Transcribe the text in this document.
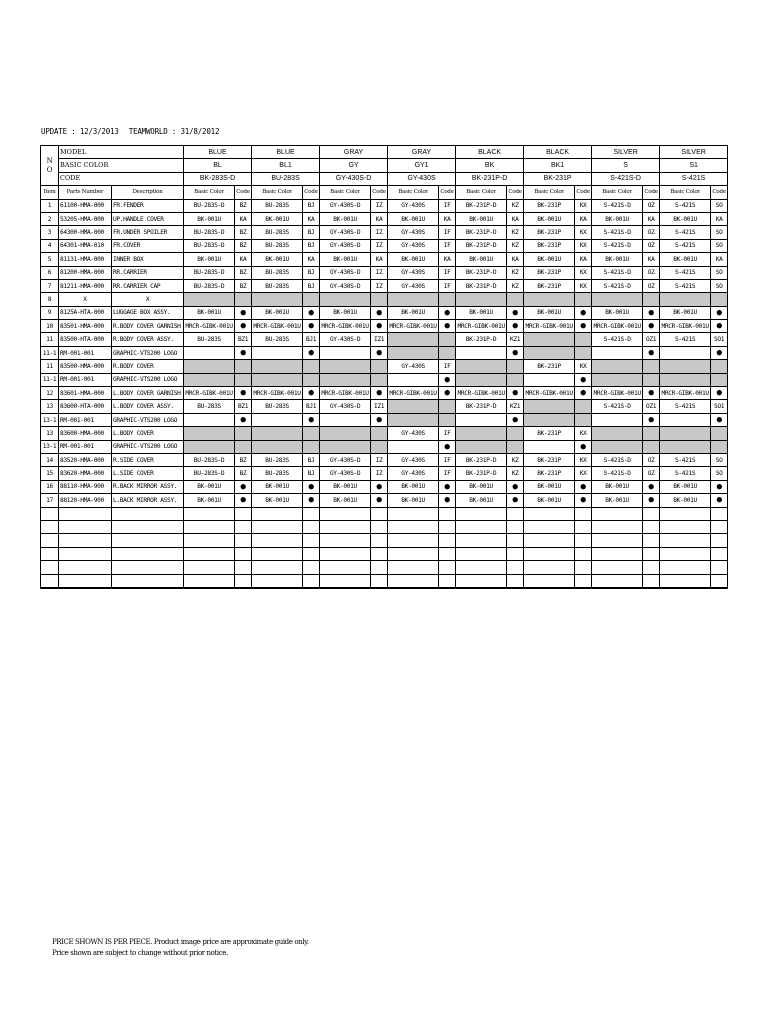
UPDATE : 12/3/2013 TEAMWORLD : 31/8/2012
N
O	MODEL		BLUE		BLUE		GRAY		GRAY		BLACK		BLACK		SILVER		SILVER	
	BASIC COLOR		BL		BL1		GY		GY1		BK		BK1		S		S1	
	CODE		BK-283S-D		BU-283S		GY-430S-D		GY-430S		BK-231P-D		BK-231P		S-421S-D		S-421S	
Item	Parts Number	Description	Basic Color	Code	Basic Color	Code	Basic Color	Code	Basic Color	Code	Basic Color	Code	Basic Color	Code	Basic Color	Code	Basic Color	Code
1	61100-HMA-000	FR.FENDER	BU-283S-D	BZ	BU-283S	BJ	GY-430S-D	IZ	GY-430S	IF	BK-231P-D	KZ	BK-231P	KX	S-421S-D	OZ	S-421S	SO
2	53205-HMA-000	UP.HANDLE COVER	BK-001U	KA	BK-001U	KA	BK-001U	KA	BK-001U	KA	BK-001U	KA	BK-001U	KA	BK-001U	KA	BK-001U	KA
3	64300-HMA-000	FR.UNDER SPOILER	BU-283S-D	BZ	BU-283S	BJ	GY-430S-D	IZ	GY-430S	IF	BK-231P-D	KZ	BK-231P	KX	S-421S-D	OZ	S-421S	SO
4	64301-HMA-010	FR.COVER	BU-283S-D	BZ	BU-283S	BJ	GY-430S-D	IZ	GY-430S	IF	BK-231P-D	KZ	BK-231P	KX	S-421S-D	OZ	S-421S	SO
5	81131-HMA-000	INNER BOX	BK-001U	KA	BK-001U	KA	BK-001U	KA	BK-001U	KA	BK-001U	KA	BK-001U	KA	BK-001U	KA	BK-001U	KA
6	81200-HMA-000	RR.CARRIER	BU-283S-D	BZ	BU-283S	BJ	GY-430S-D	IZ	GY-430S	IF	BK-231P-D	KZ	BK-231P	KX	S-421S-D	OZ	S-421S	SO
7	81211-HMA-000	RR.CARRIER CAP	BU-283S-D	BZ	BU-283S	BJ	GY-430S-D	IZ	GY-430S	IF	BK-231P-D	KZ	BK-231P	KX	S-421S-D	OZ	S-421S	SO
8	X	X																
9	8125A-HTA-000	LUGGAGE BOX ASSY.	BK-001U	●	BK-001U	●	BK-001U	●	BK-001U	●	BK-001U	●	BK-001U	●	BK-001U	●	BK-001U	●
10	83501-HMA-000	R.BODY COVER GARNISH	MRCR-GIBK-001U	●	MRCR-GIBK-001U	●	MRCR-GIBK-001U	●	MRCR-GIBK-001U	●	MRCR-GIBK-001U	●	MRCR-GIBK-001U	●	MRCR-GIBK-001U	●	MRCR-GIBK-001U	●
11	83500-HTA-000	R.BODY COVER ASSY.	BU-283S	BZ1	BU-283S	BJ1	GY-430S-D	IZ1			BK-231P-D	KZ1			S-421S-D	OZ1	S-421S	SO1
11-1	RM-001-001	GRAPHIC-VTS200 LOGO		●		●		●				●				●		●
11	83500-HMA-000	R.BODY COVER							GY-430S	IF			BK-231P	KX				
11-1	RM-001-001	GRAPHIC-VTS200 LOGO								●				●				
12	83601-HMA-000	L.BODY COVER GARNISH	MRCR-GIBK-001U	●	MRCR-GIBK-001U	●	MRCR-GIBK-001U	●	MRCR-GIBK-001U	●	MRCR-GIBK-001U	●	MRCR-GIBK-001U	●	MRCR-GIBK-001U	●	MRCR-GIBK-001U	●
13	83600-HTA-000	L.BODY COVER ASSY.	BU-283S	BZ1	BU-283S	BJ1	GY-430S-D	IZ1			BK-231P-D	KZ1			S-421S-D	OZ1	S-421S	SO1
13-1	RM-001-001	GRAPHIC-VTS200 LOGO		●		●		●				●				●		●
13	83600-HMA-000	L.BODY COVER							GY-430S	IF			BK-231P	KX				
13-1	RM-001-001	GRAPHIC-VTS200 LOGO								●				●				
14	83520-HMA-000	R.SIDE COVER	BU-283S-D	BZ	BU-283S	BJ	GY-430S-D	IZ	GY-430S	IF	BK-231P-D	KZ	BK-231P	KX	S-421S-D	OZ	S-421S	SO
15	83620-HMA-000	L.SIDE COVER	BU-283S-D	BZ	BU-283S	BJ	GY-430S-D	IZ	GY-430S	IF	BK-231P-D	KZ	BK-231P	KX	S-421S-D	OZ	S-421S	SO
16	88110-HMA-900	R.BACK MIRROR ASSY.	BK-001U	●	BK-001U	●	BK-001U	●	BK-001U	●	BK-001U	●	BK-001U	●	BK-001U	●	BK-001U	●
17	88120-HMA-900	L.BACK MIRROR ASSY.	BK-001U	●	BK-001U	●	BK-001U	●	BK-001U	●	BK-001U	●	BK-001U	●	BK-001U	●	BK-001U	●

PRICE SHOWN IS PER PIECE. Product image price are approximate guide only.
Price shown are subject to change without prior notice.
